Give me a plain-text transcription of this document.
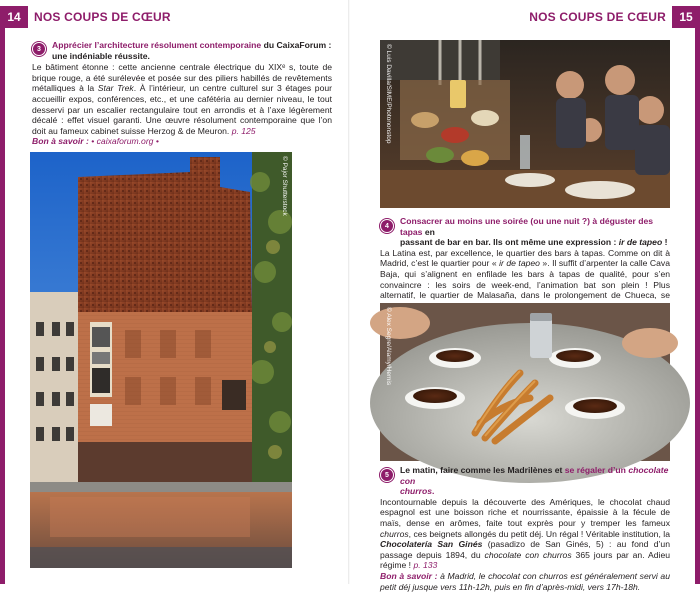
14	NOS COUPS DE CŒUR
3	Apprécier l’architecture résolument contemporaine du CaixaForum :
une indéniable réussite.
Le bâtiment étonne : cette ancienne centrale électrique du XIXᵉ s, toute de brique rouge, a été surélevée et posée sur des piliers habillés de revêtements métalliques à la Star Trek. À l’intérieur, un centre culturel sur 3 étages pour accueillir expos, conférences, etc., et une cafétéria au dernier niveau, le tout desservi par un escalier rectangulaire tout en arrondis et à l’axe légèrement décalé : effet visuel garanti. Une œuvre résolument contemporaine que l’on doit au fameux cabinet suisse Herzog & de Meuron. p. 125
Bon à savoir : • caixaforum.org •
© Pajor Shutterstock
NOS COUPS DE CŒUR	15
© Luis Davilla/SIME/Photononstop
4	Consacrer au moins une soirée (ou une nuit ?) à déguster des tapas en
passant de bar en bar. Ils ont même une expression : ir de tapeo !
La Latina est, par excellence, le quartier des bars à tapas. Comme on dit à Madrid, c’est le quartier pour « ir de tapeo ». Il suffit d’arpenter la calle Cava Baja, qui s’alignent en enfilade les bars à tapas de qualité, pour s’en convaincre : les soirs de week-end, l’animation bat son plein ! Plus alternatif, le quartier de Malasaña, dans le prolongement de Chueca, se
© Alex Segre/Alamy/Hemis
5	Le matin, faire comme les Madrilènes et se régaler d’un chocolate con
churros.
Incontournable depuis la découverte des Amériques, le chocolat chaud espagnol est une boisson riche et nourrissante, épaissie à la fécule de maïs, dense en arômes, faite tout exprès pour y tremper les fameux churros, ces beignets allongés du petit déj. Un régal ! Véritable institution, la Chocolatería San Ginés (pasadizo de San Ginés, 5) : au fond d’un passage depuis 1894, du chocolate con churros 365 jours par an. Adieu régime ! p. 133
Bon à savoir : à Madrid, le chocolat con churros est généralement servi au petit déj jusque vers 11h-12h, puis en fin d’après-midi, vers 17h-18h.
